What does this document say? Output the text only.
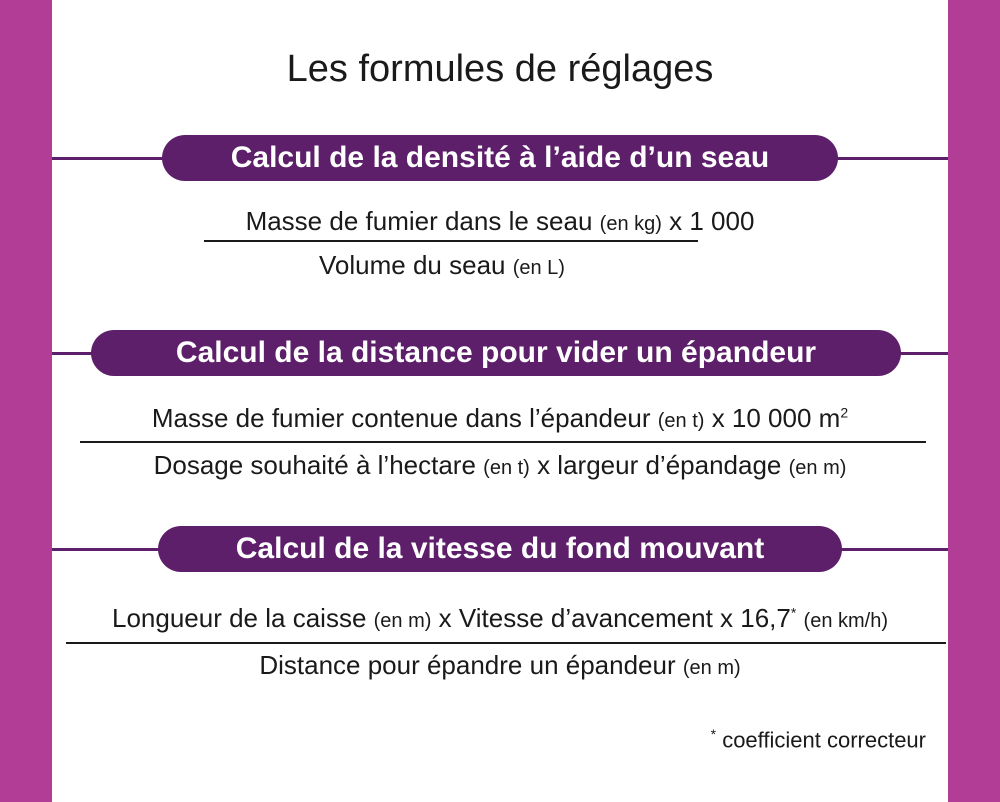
Les formules de réglages
Calcul de la densité à l’aide d’un seau
Masse de fumier dans le seau (en kg) x 1 000
Volume du seau (en L)
Calcul de la distance pour vider un épandeur
Masse de fumier contenue dans l’épandeur (en t) x 10 000 $m^2$
Dosage souhaité à l’hectare (en t) x largeur d’épandage (en m)
Calcul de la vitesse du fond mouvant
Longueur de la caisse (en m) x Vitesse d’avancement x 16,7* (en km/h)
Distance pour épandre un épandeur (en m)
* coefficient correcteur
